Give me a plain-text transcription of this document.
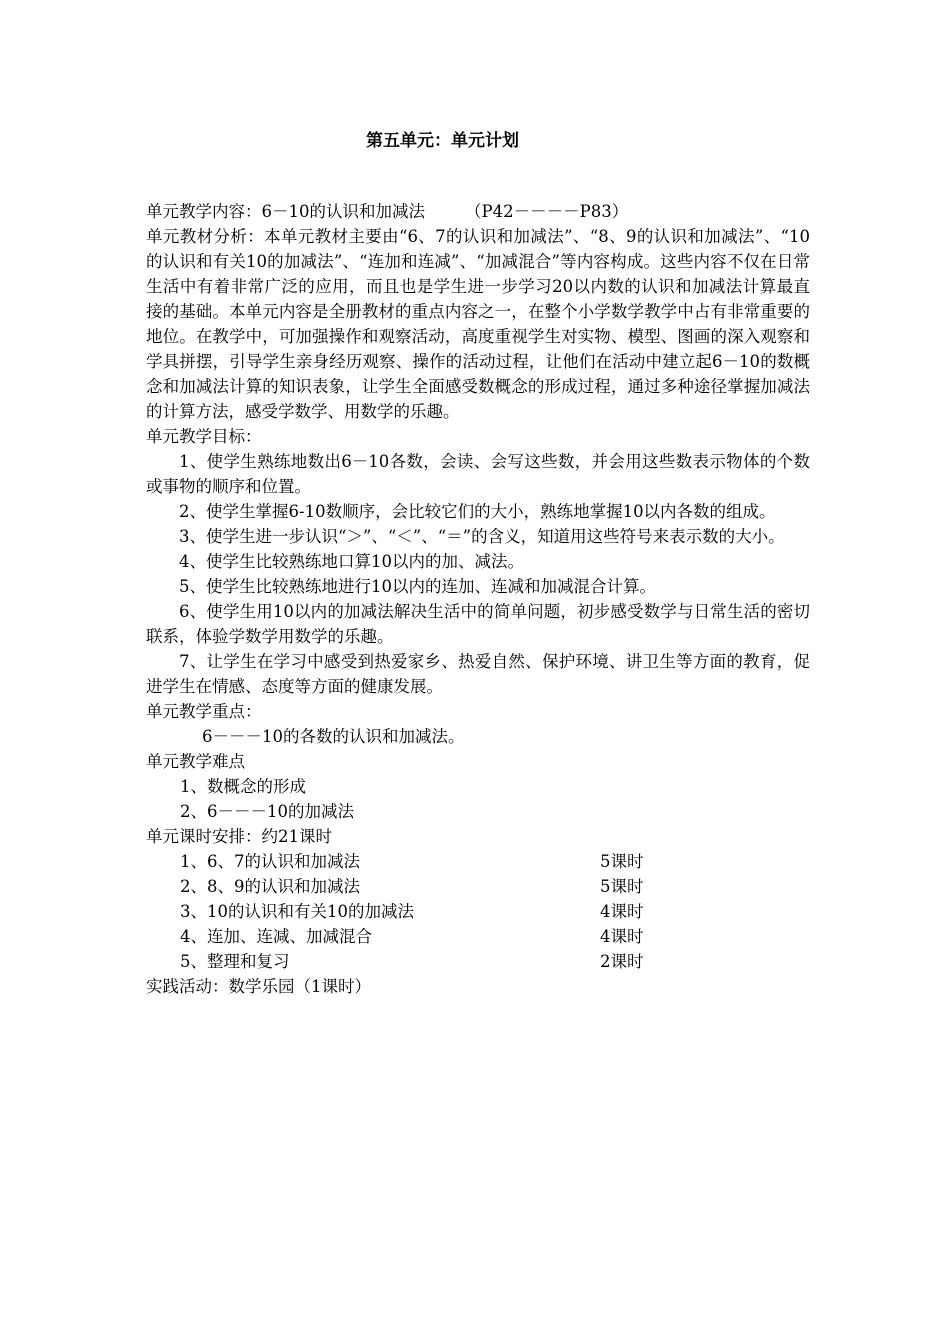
第五单元：单元计划

单元教学内容：6－10的认识和加减法 （P42－－－－P83）

单元教材分析：本单元教材主要由“6、7的认识和加减法”、“8、9的认识和加减法”、“10的认识和有关10的加减法”、“连加和连减”、“加减混合”等内容构成。这些内容不仅在日常生活中有着非常广泛的应用，而且也是学生进一步学习20以内数的认识和加减法计算最直接的基础。本单元内容是全册教材的重点内容之一，在整个小学数学教学中占有非常重要的地位。在教学中，可加强操作和观察活动，高度重视学生对实物、模型、图画的深入观察和学具拼摆，引导学生亲身经历观察、操作的活动过程，让他们在活动中建立起6－10的数概念和加减法计算的知识表象，让学生全面感受数概念的形成过程，通过多种途径掌握加减法的计算方法，感受学数学、用数学的乐趣。

单元教学目标：

1、使学生熟练地数出6－10各数，会读、会写这些数，并会用这些数表示物体的个数或事物的顺序和位置。

2、使学生掌握6-10数顺序，会比较它们的大小，熟练地掌握10以内各数的组成。

3、使学生进一步认识“＞”、“＜”、“＝”的含义，知道用这些符号来表示数的大小。

4、使学生比较熟练地口算10以内的加、减法。

5、使学生比较熟练地进行10以内的连加、连减和加减混合计算。

6、使学生用10以内的加减法解决生活中的简单问题，初步感受数学与日常生活的密切联系，体验学数学用数学的乐趣。

7、让学生在学习中感受到热爱家乡、热爱自然、保护环境、讲卫生等方面的教育，促进学生在情感、态度等方面的健康发展。

单元教学重点：

6－－－10的各数的认识和加减法。

单元教学难点

1、数概念的形成

2、6－－－10的加减法

单元课时安排：约21课时

1、6、7的认识和加减法	5课时
2、8、9的认识和加减法	5课时
3、10的认识和有关10的加减法	4课时
4、连加、连减、加减混合	4课时
5、整理和复习	2课时

实践活动：数学乐园（1课时）
